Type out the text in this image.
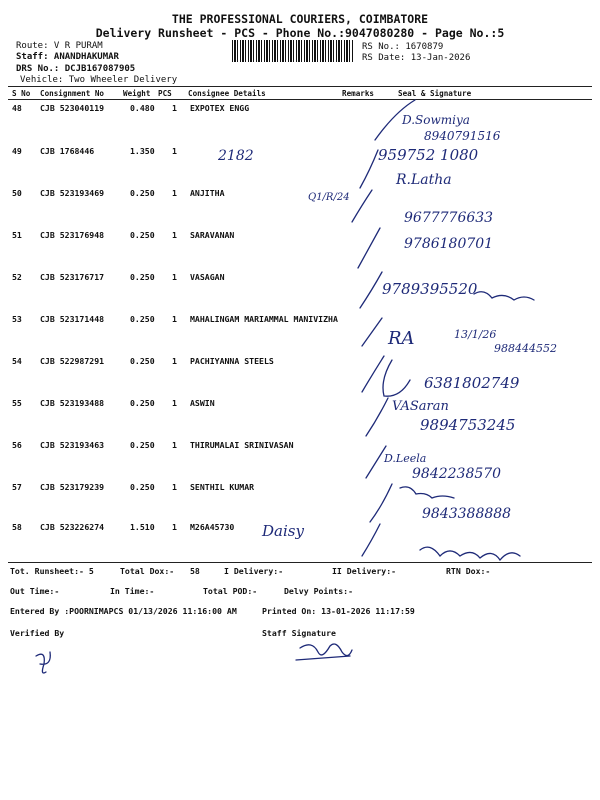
THE PROFESSIONAL COURIERS, COIMBATORE
Delivery Runsheet - PCS - Phone No.:9047080280 - Page No.:5
Route: V R PURAM
Staff: ANANDHAKUMAR
DRS No.: DCJB167087905
Vehicle: Two Wheeler Delivery
RS No.: 1670879
RS Date: 13-Jan-2026
S No Consignment No Weight PCS Consignee Details	Remarks	Seal & Signature
48 CJB 523040119	0.480 1 EXPOTEX ENGG
49 CJB 1768446	1.350 1
50 CJB 523193469	0.250 1 ANJITHA
51 CJB 523176948	0.250 1 SARAVANAN
52 CJB 523176717	0.250 1 VASAGAN
53 CJB 523171448	0.250 1 MAHALINGAM MARIAMMAL MANIVIZHA
54 CJB 522987291	0.250 1 PACHIYANNA STEELS
55 CJB 523193488	0.250 1 ASWIN
56 CJB 523193463	0.250 1 THIRUMALAI SRINIVASAN
57 CJB 523179239	0.250 1 SENTHIL KUMAR
58 CJB 523226274	1.510 1 M26A45730
Tot. Runsheet:- 5	Total Dox:- 58	I Delivery:-	II Delivery:-	RTN Dox:-
Out Time:-	In Time:-	Total POD:-	Delvy Points:-
Entered By :POORNIMAPCS 01/13/2026 11:16:00 AM	Printed On: 13-01-2026 11:17:59
Verified By	Staff Signature
D.Sowmiya
8940791516
2182	959752 1080
Q1/R/24
R.Latha
9677776633
9786180701
9789395520
RA	13/1/26
988444552
6381802749
VASaran
9894753245
D.Leela
9842238570
9843388888
Daisy
